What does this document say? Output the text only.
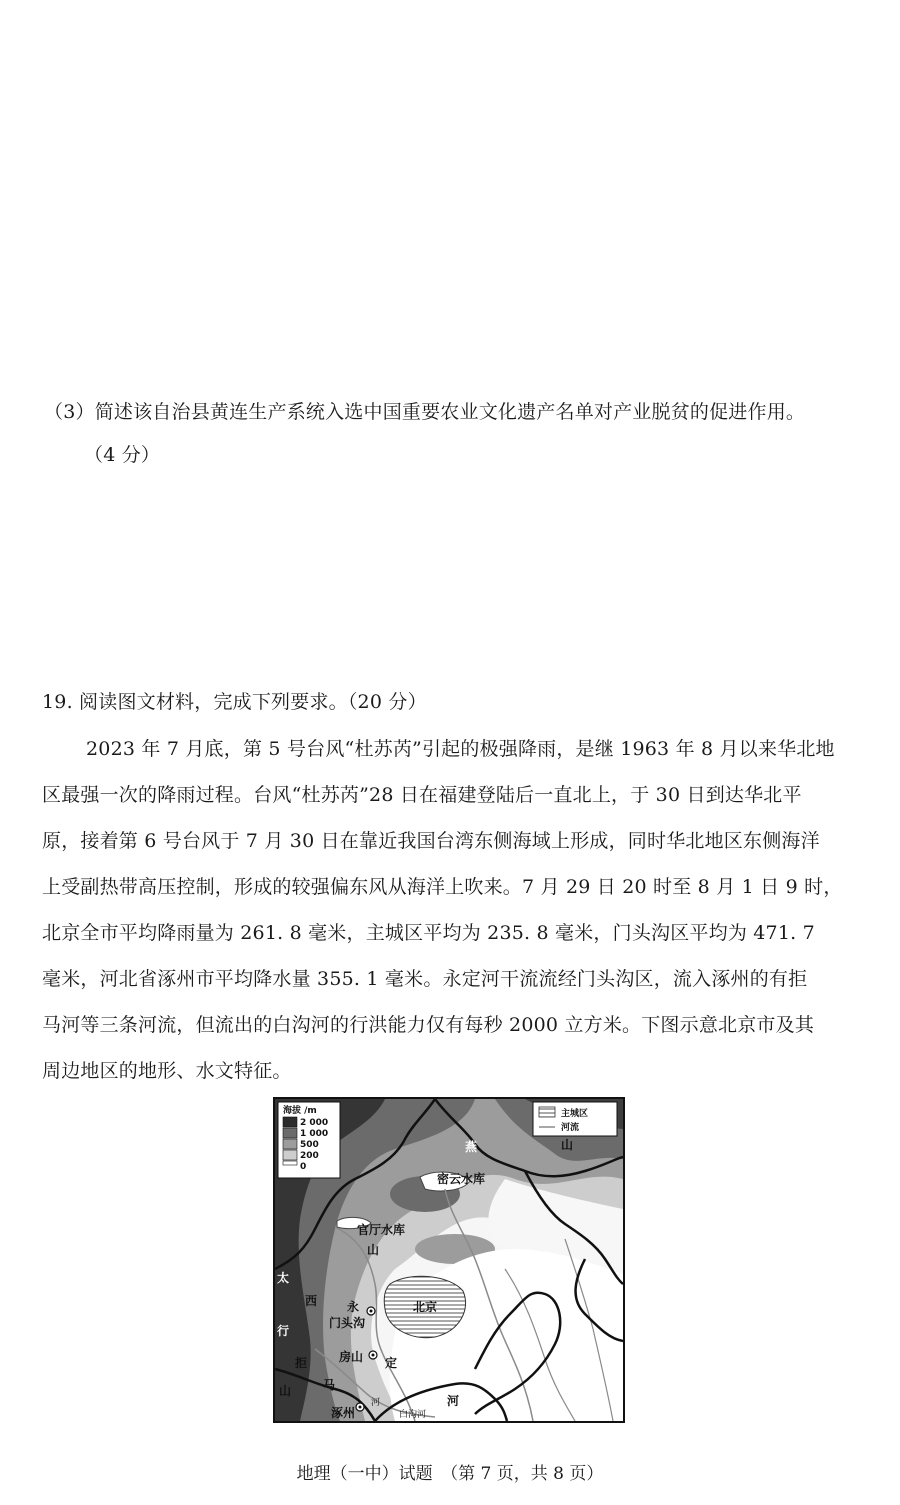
（3）简述该自治县黄连生产系统入选中国重要农业文化遗产名单对产业脱贫的促进作用。
（4 分）
19. 阅读图文材料，完成下列要求。（20 分）
2023 年 7 月底，第 5 号台风“杜苏芮”引起的极强降雨，是继 1963 年 8 月以来华北地
区最强一次的降雨过程。台风“杜苏芮”28 日在福建登陆后一直北上，于 30 日到达华北平
原，接着第 6 号台风于 7 月 30 日在靠近我国台湾东侧海域上形成，同时华北地区东侧海洋
上受副热带高压控制，形成的较强偏东风从海洋上吹来。7 月 29 日 20 时至 8 月 1 日 9 时，
北京全市平均降雨量为 261. 8 毫米，主城区平均为 235. 8 毫米，门头沟区平均为 471. 7
毫米，河北省涿州市平均降水量 355. 1 毫米。永定河干流流经门头沟区，流入涿州的有拒
马河等三条河流，但流出的白沟河的行洪能力仅有每秒 2000 立方米。下图示意北京市及其
周边地区的地形、水文特征。
海拔 /m
2 000
1 000
500
200
0
主城区
河流
燕	山
密云水库
官厅水库
山
太
西 永	北京
门头沟
行
拒	房山 定
马
山
河
涿州	白沟河
河
地理（一中）试题　（第 7 页，共 8 页）
